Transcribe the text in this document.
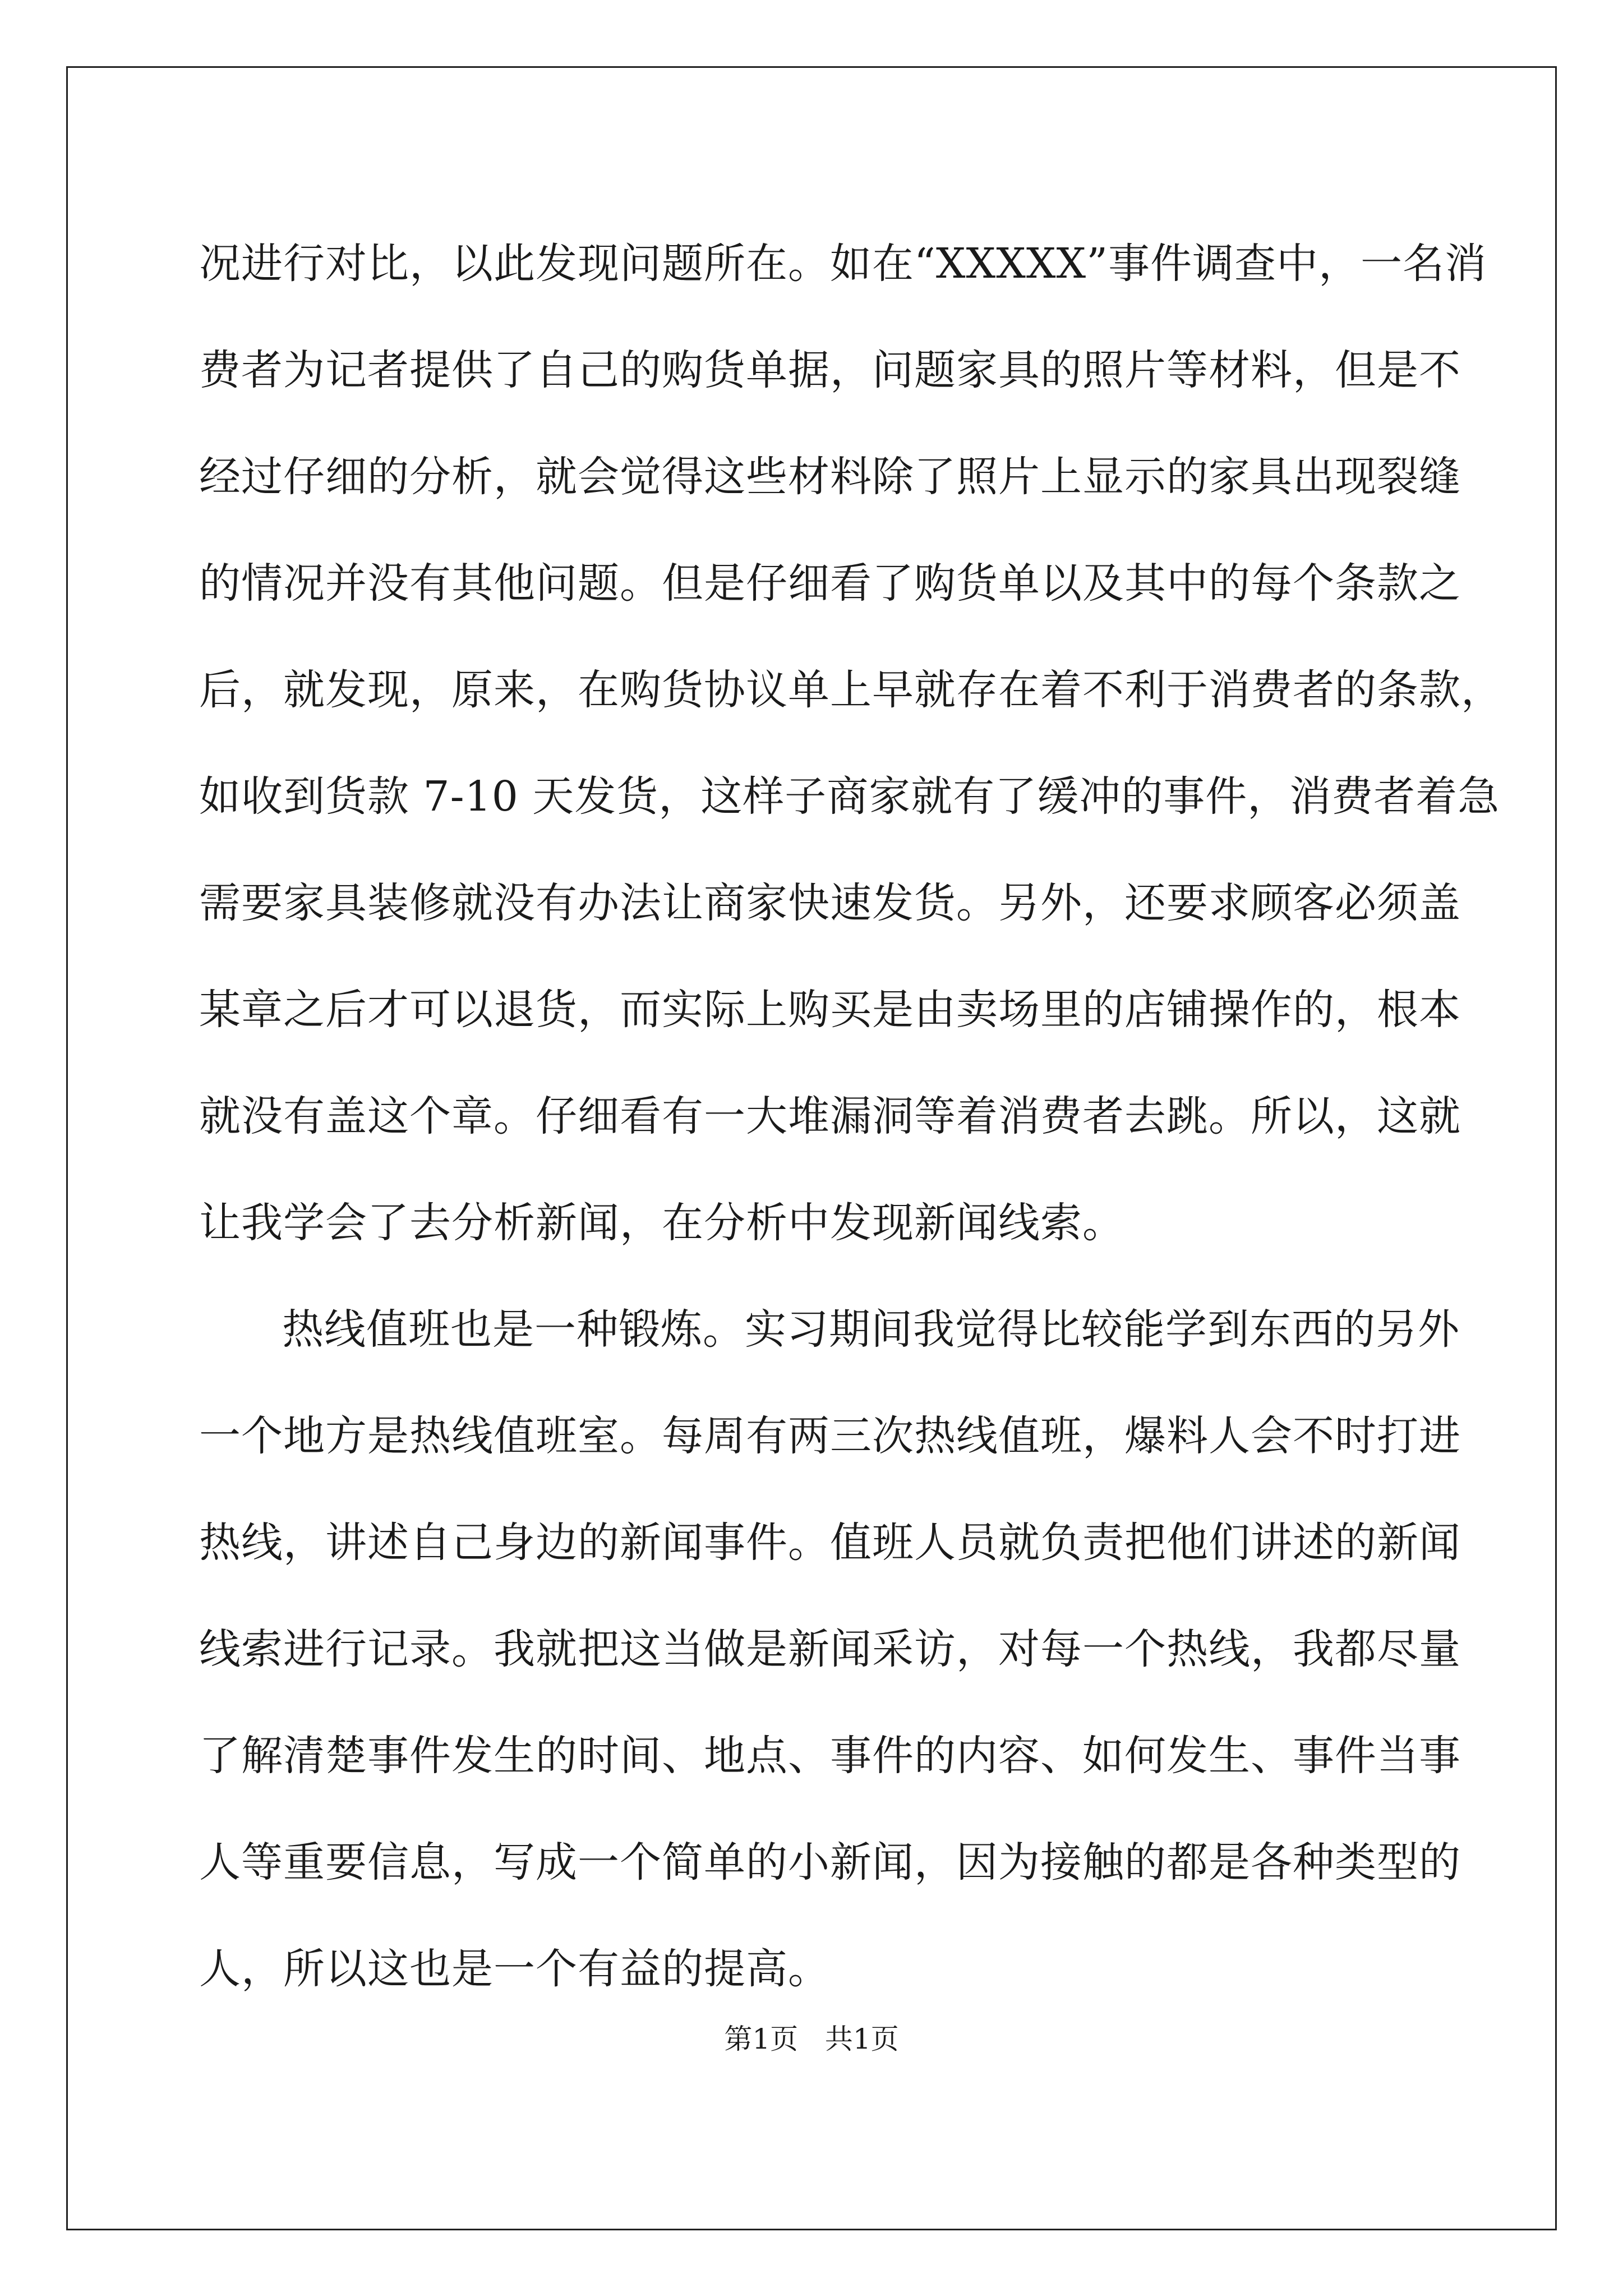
况进行对比，以此发现问题所在。如在“XXXXX”事件调查中，一名消
费者为记者提供了自己的购货单据，问题家具的照片等材料，但是不
经过仔细的分析，就会觉得这些材料除了照片上显示的家具出现裂缝
的情况并没有其他问题。但是仔细看了购货单以及其中的每个条款之
后，就发现，原来，在购货协议单上早就存在着不利于消费者的条款，
如收到货款 7-10 天发货，这样子商家就有了缓冲的事件，消费者着急
需要家具装修就没有办法让商家快速发货。另外，还要求顾客必须盖
某章之后才可以退货，而实际上购买是由卖场里的店铺操作的，根本
就没有盖这个章。仔细看有一大堆漏洞等着消费者去跳。所以，这就
让我学会了去分析新闻，在分析中发现新闻线索。
热线值班也是一种锻炼。实习期间我觉得比较能学到东西的另外
一个地方是热线值班室。每周有两三次热线值班，爆料人会不时打进
热线，讲述自己身边的新闻事件。值班人员就负责把他们讲述的新闻
线索进行记录。我就把这当做是新闻采访，对每一个热线，我都尽量
了解清楚事件发生的时间、地点、事件的内容、如何发生、事件当事
人等重要信息，写成一个简单的小新闻，因为接触的都是各种类型的
人，所以这也是一个有益的提高。
第1页   共1页
